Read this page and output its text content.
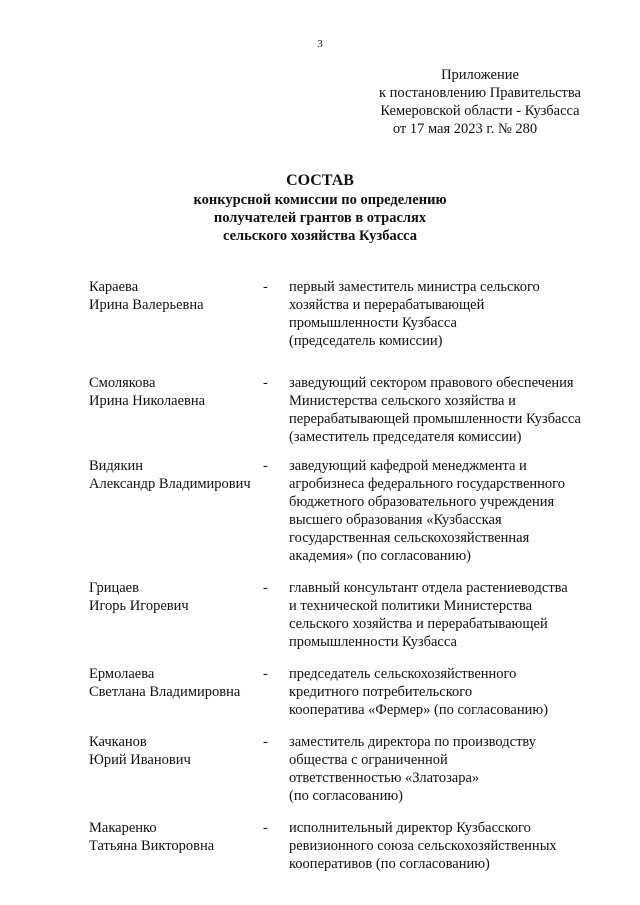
3
Приложение
к постановлению Правительства
Кемеровской области - Кузбасса
от 17 мая 2023 г. № 280
СОСТАВ
конкурсной комиссии по определению
получателей грантов в отраслях
сельского хозяйства Кузбасса
Караева
Ирина Валерьевна
-	первый заместитель министра сельского
хозяйства и перерабатывающей
промышленности Кузбасса
(председатель комиссии)
Смолякова
Ирина Николаевна
-	заведующий сектором правового обеспечения
Министерства сельского хозяйства и
перерабатывающей промышленности Кузбасса
(заместитель председателя комиссии)
Видякин
Александр Владимирович
-	заведующий кафедрой менеджмента и
агробизнеса федерального государственного
бюджетного образовательного учреждения
высшего образования «Кузбасская
государственная сельскохозяйственная
академия» (по согласованию)
Грицаев
Игорь Игоревич
-	главный консультант отдела растениеводства
и технической политики Министерства
сельского хозяйства и перерабатывающей
промышленности Кузбасса
Ермолаева
Светлана Владимировна
-	председатель сельскохозяйственного
кредитного потребительского
кооператива «Фермер» (по согласованию)
Качканов
Юрий Иванович
-	заместитель директора по производству
общества с ограниченной
ответственностью «Златозара»
(по согласованию)
Макаренко
Татьяна Викторовна
-	исполнительный директор Кузбасского
ревизионного союза сельскохозяйственных
кооперативов (по согласованию)
